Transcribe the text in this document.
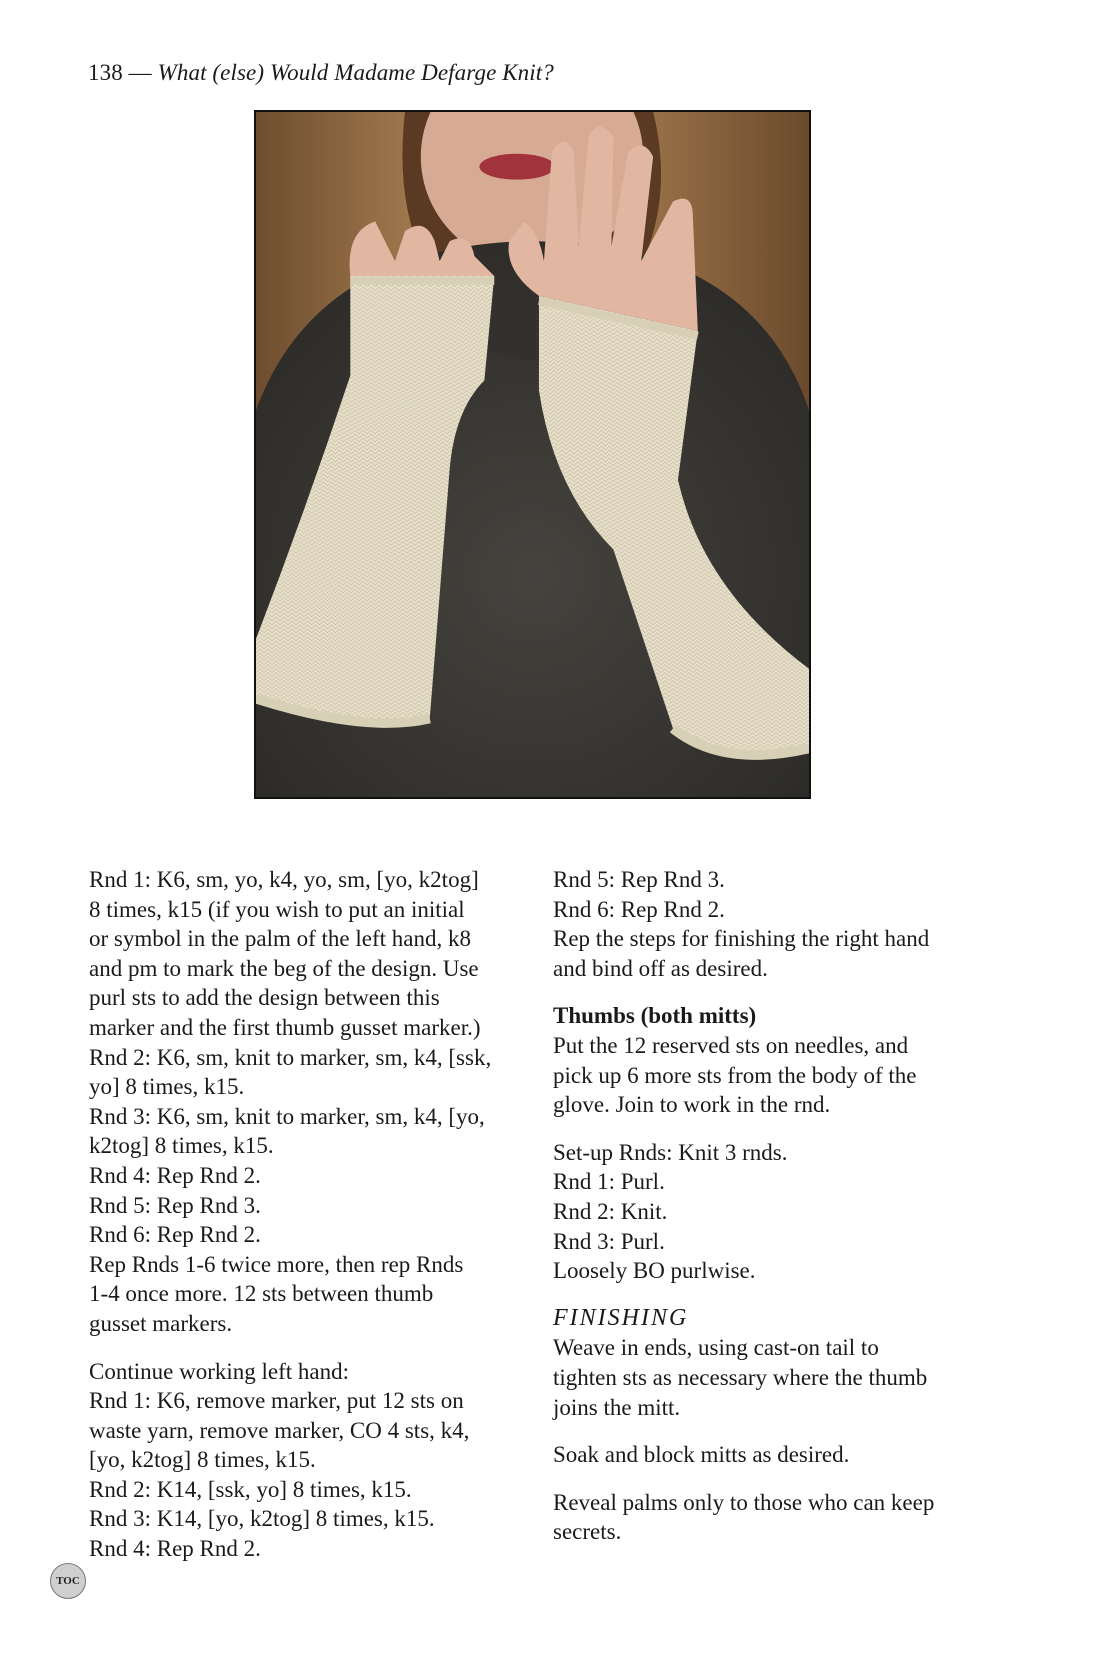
138 — What (else) Would Madame Defarge Knit?

Rnd 1: K6, sm, yo, k4, yo, sm, [yo, k2tog]
8 times, k15 (if you wish to put an initial
or symbol in the palm of the left hand, k8
and pm to mark the beg of the design. Use
purl sts to add the design between this
marker and the first thumb gusset marker.)
Rnd 2: K6, sm, knit to marker, sm, k4, [ssk,
yo] 8 times, k15.
Rnd 3: K6, sm, knit to marker, sm, k4, [yo,
k2tog] 8 times, k15.
Rnd 4: Rep Rnd 2.
Rnd 5: Rep Rnd 3.
Rnd 6: Rep Rnd 2.
Rep Rnds 1-6 twice more, then rep Rnds
1-4 once more. 12 sts between thumb
gusset markers.

Continue working left hand:
Rnd 1: K6, remove marker, put 12 sts on
waste yarn, remove marker, CO 4 sts, k4,
[yo, k2tog] 8 times, k15.
Rnd 2: K14, [ssk, yo] 8 times, k15.
Rnd 3: K14, [yo, k2tog] 8 times, k15.
Rnd 4: Rep Rnd 2.

Rnd 5: Rep Rnd 3.
Rnd 6: Rep Rnd 2.
Rep the steps for finishing the right hand
and bind off as desired.

Thumbs (both mitts)
Put the 12 reserved sts on needles, and
pick up 6 more sts from the body of the
glove. Join to work in the rnd.

Set-up Rnds: Knit 3 rnds.
Rnd 1: Purl.
Rnd 2: Knit.
Rnd 3: Purl.
Loosely BO purlwise.

FINISHING
Weave in ends, using cast-on tail to
tighten sts as necessary where the thumb
joins the mitt.

Soak and block mitts as desired.

Reveal palms only to those who can keep
secrets.

TOC
